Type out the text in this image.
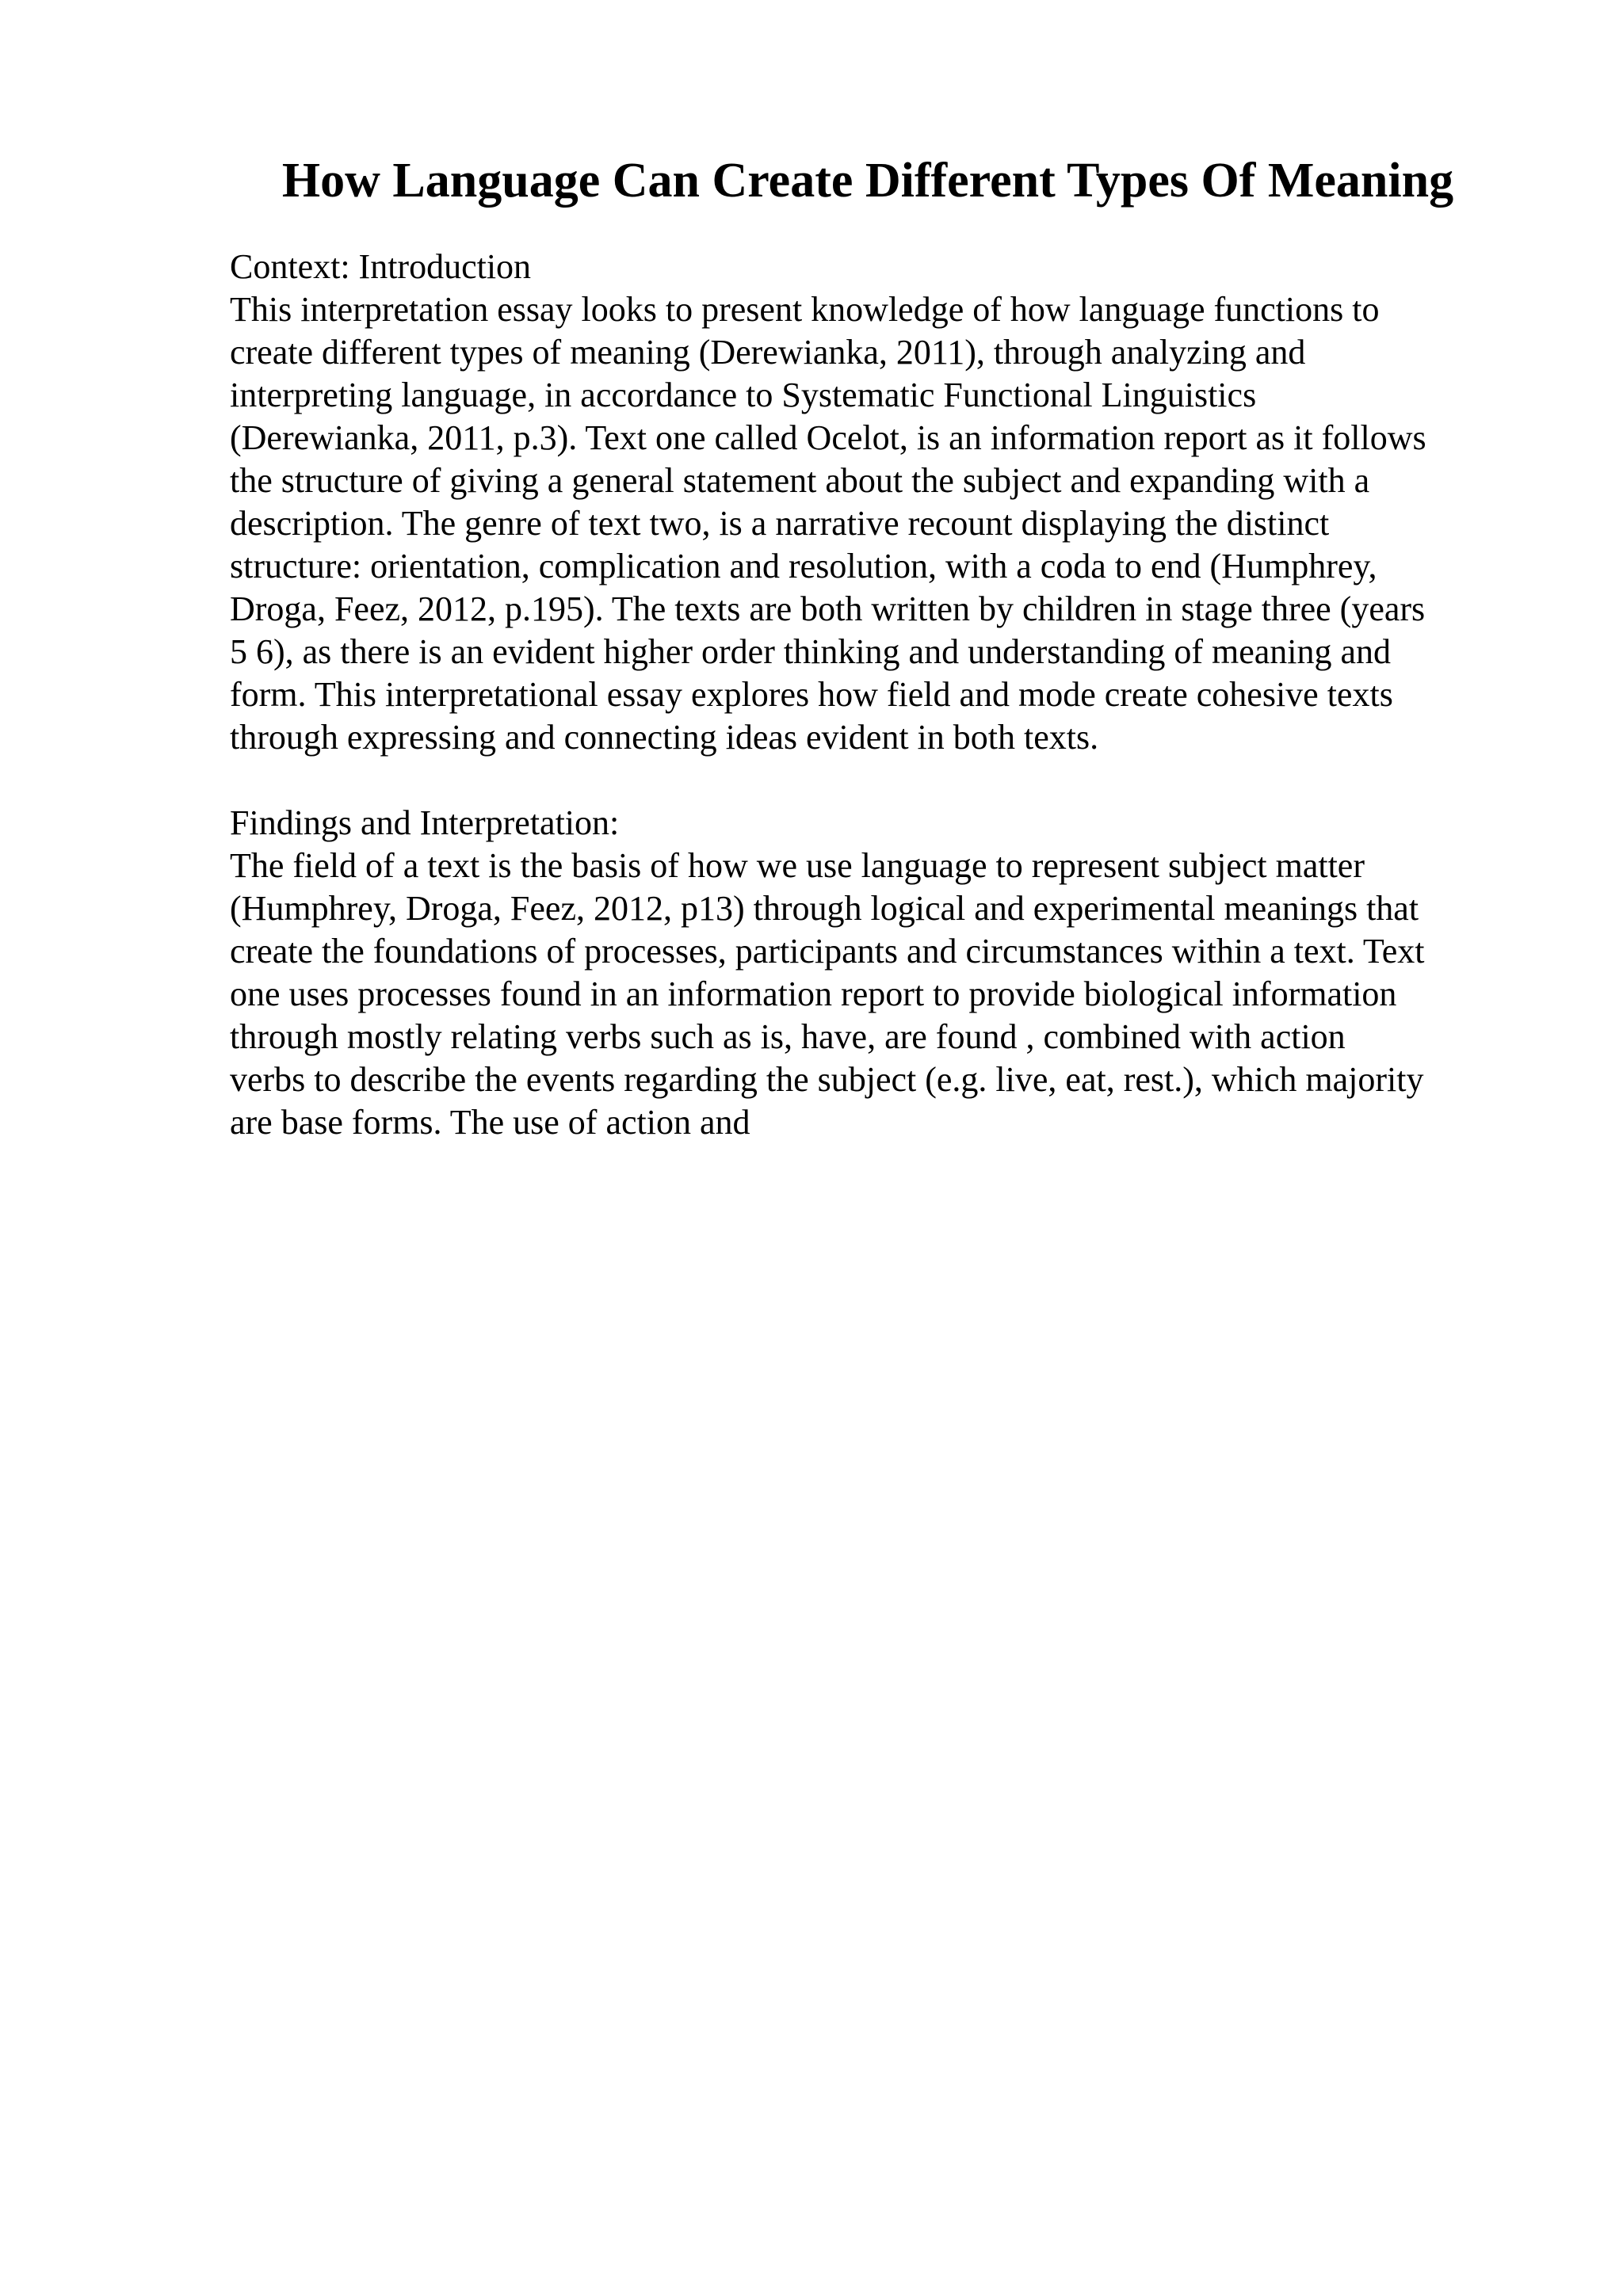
How Language Can Create Different Types Of Meaning
Context: Introduction
This interpretation essay looks to present knowledge of how language functions to
create different types of meaning (Derewianka, 2011), through analyzing and
interpreting language, in accordance to Systematic Functional Linguistics
(Derewianka, 2011, p.3). Text one called Ocelot, is an information report as it follows
the structure of giving a general statement about the subject and expanding with a
description. The genre of text two, is a narrative recount displaying the distinct
structure: orientation, complication and resolution, with a coda to end (Humphrey,
Droga, Feez, 2012, p.195). The texts are both written by children in stage three (years
5 6), as there is an evident higher order thinking and understanding of meaning and
form. This interpretational essay explores how field and mode create cohesive texts
through expressing and connecting ideas evident in both texts.
Findings and Interpretation:
The field of a text is the basis of how we use language to represent subject matter
(Humphrey, Droga, Feez, 2012, p13) through logical and experimental meanings that
create the foundations of processes, participants and circumstances within a text. Text
one uses processes found in an information report to provide biological information
through mostly relating verbs such as is, have, are found , combined with action
verbs to describe the events regarding the subject (e.g. live, eat, rest.), which majority
are base forms. The use of action and
